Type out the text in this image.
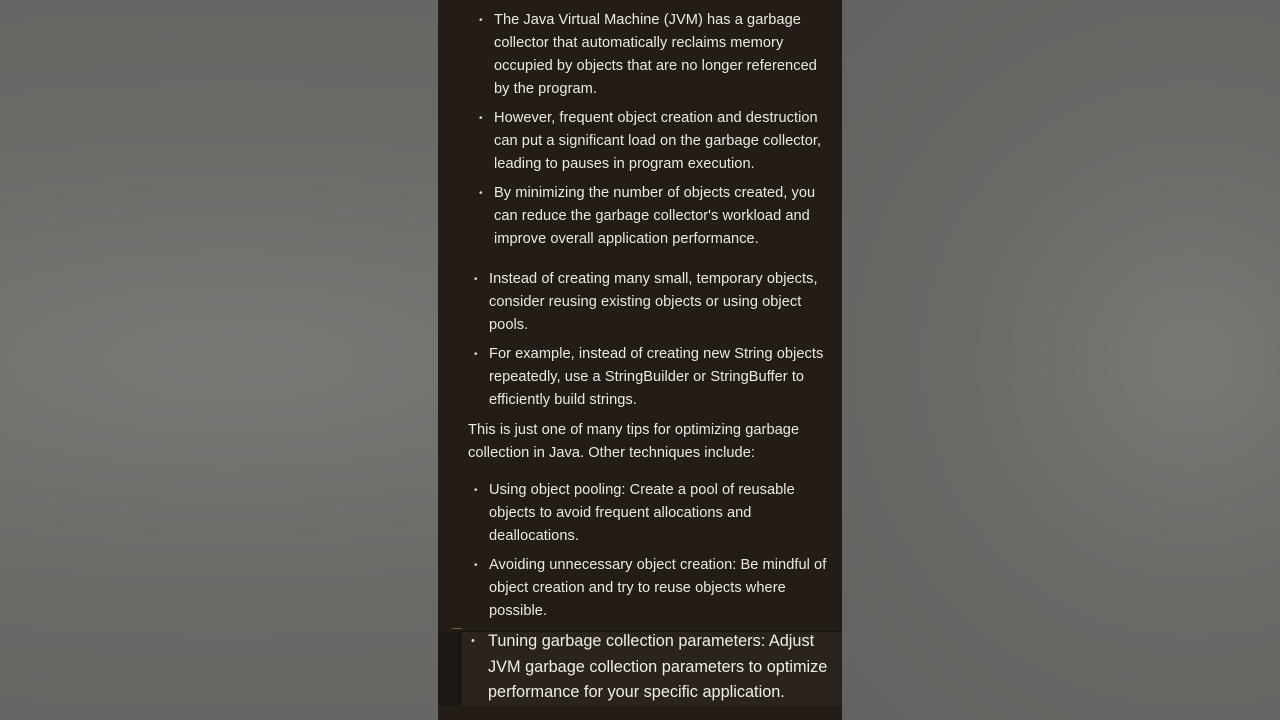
• The Java Virtual Machine (JVM) has a garbage collector that automatically reclaims memory occupied by objects that are no longer referenced by the program.
• However, frequent object creation and destruction can put a significant load on the garbage collector, leading to pauses in program execution.
• By minimizing the number of objects created, you can reduce the garbage collector's workload and improve overall application performance.
• Instead of creating many small, temporary objects, consider reusing existing objects or using object pools.
• For example, instead of creating new String objects repeatedly, use a StringBuilder or StringBuffer to efficiently build strings.

This is just one of many tips for optimizing garbage collection in Java. Other techniques include:

• Using object pooling: Create a pool of reusable objects to avoid frequent allocations and deallocations.
• Avoiding unnecessary object creation: Be mindful of object creation and try to reuse objects where possible.
• Tuning garbage collection parameters: Adjust JVM garbage collection parameters to optimize performance for your specific application.
